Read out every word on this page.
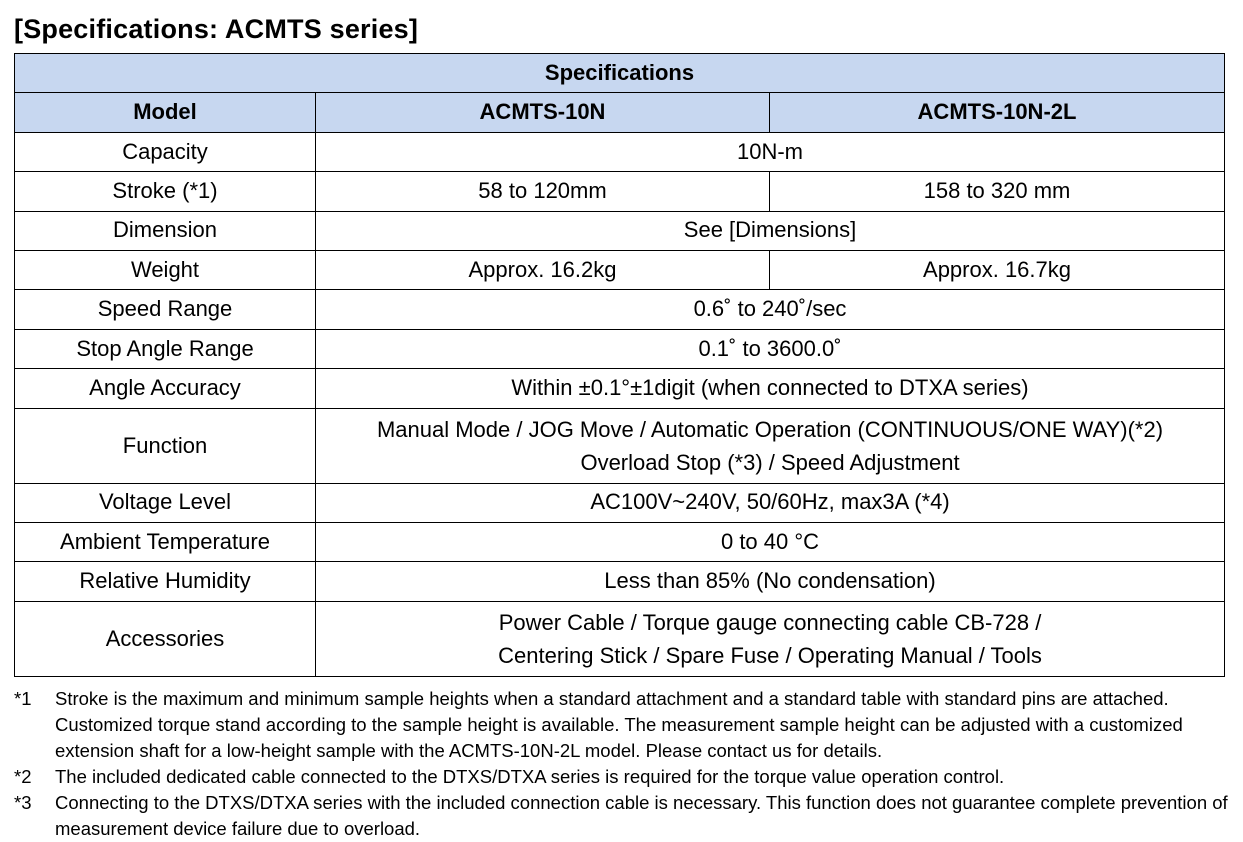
[Specifications: ACMTS series]
Specifications		
Model	ACMTS-10N	ACMTS-10N-2L
Capacity	10N-m	
Stroke (*1)	58 to 120mm	158 to 320 mm
Dimension	See [Dimensions]	
Weight	Approx. 16.2kg	Approx. 16.7kg
Speed Range	0.6˚ to 240˚/sec	
Stop Angle Range	0.1˚ to 3600.0˚	
Angle Accuracy	Within ±0.1°±1digit (when connected to DTXA series)	
Function	Manual Mode / JOG Move / Automatic Operation (CONTINUOUS/ONE WAY)(*2)
Overload Stop (*3) / Speed Adjustment	

Voltage Level	AC100V~240V, 50/60Hz, max3A (*4)	
Ambient Temperature	0 to 40 °C	
Relative Humidity	Less than 85% (No condensation)	
Accessories	Power Cable / Torque gauge connecting cable CB-728 /
Centering Stick / Spare Fuse / Operating Manual / Tools	
*1	Stroke is the maximum and minimum sample heights when a standard attachment and a standard table with standard pins are attached. Customized torque stand according to the sample height is available. The measurement sample height can be adjusted with a customized extension shaft for a low-height sample with the ACMTS-10N-2L model. Please contact us for details.
*2	The included dedicated cable connected to the DTXS/DTXA series is required for the torque value operation control.
*3	Connecting to the DTXS/DTXA series with the included connection cable is necessary. This function does not guarantee complete prevention of measurement device failure due to overload.
